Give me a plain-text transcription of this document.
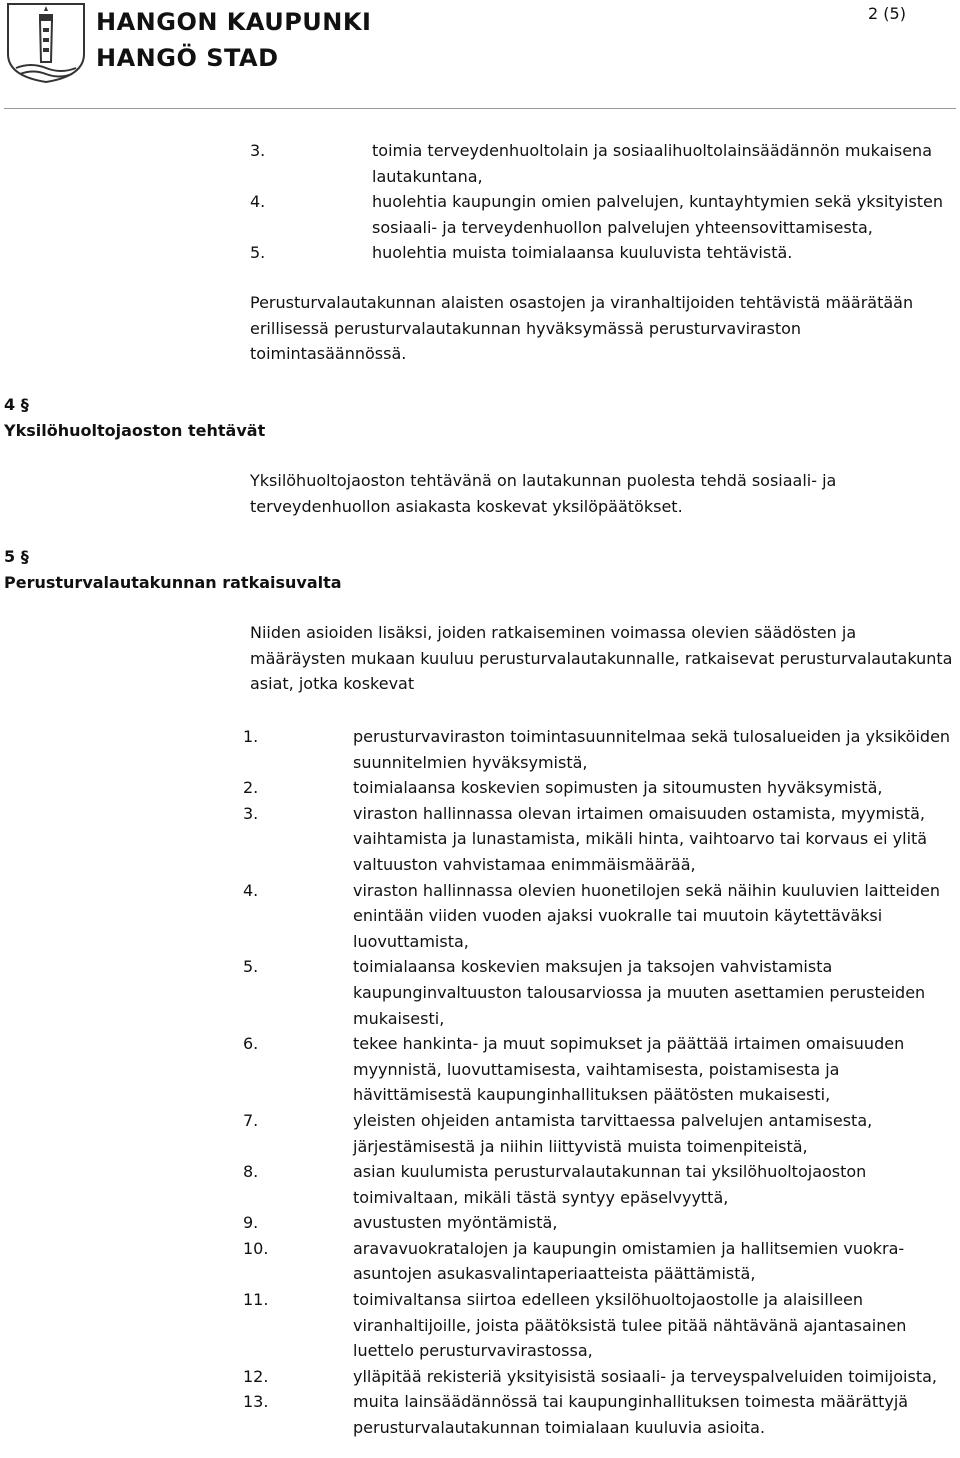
HANGON KAUPUNKI
HANGÖ STAD
2 (5)
3.	toimia terveydenhuoltolain ja sosiaalihuoltolainsäädännön mukaisena lautakuntana,
4.	huolehtia kaupungin omien palvelujen, kuntayhtymien sekä yksityisten sosiaali- ja terveydenhuollon palvelujen yhteensovittamisesta,
5.	huolehtia muista toimialaansa kuuluvista tehtävistä.
Perusturvalautakunnan alaisten osastojen ja viranhaltijoiden tehtävistä määrätään erillisessä perusturvalautakunnan hyväksymässä perusturvaviraston toimintasäännössä.
4 §
Yksilöhuoltojaoston tehtävät
Yksilöhuoltojaoston tehtävänä on lautakunnan puolesta tehdä sosiaali- ja terveydenhuollon asiakasta koskevat yksilöpäätökset.
5 §
Perusturvalautakunnan ratkaisuvalta
Niiden asioiden lisäksi, joiden ratkaiseminen voimassa olevien säädösten ja määräysten mukaan kuuluu perusturvalautakunnalle, ratkaisevat perusturvalautakunta asiat, jotka koskevat
1.	perusturvaviraston toimintasuunnitelmaa sekä tulosalueiden ja yksiköiden suunnitelmien hyväksymistä,
2.	toimialaansa koskevien sopimusten ja sitoumusten hyväksymistä,
3.	viraston hallinnassa olevan irtaimen omaisuuden ostamista, myymistä, vaihtamista ja lunastamista, mikäli hinta, vaihtoarvo tai korvaus ei ylitä valtuuston vahvistamaa enimmäismäärää,
4.	viraston hallinnassa olevien huonetilojen sekä näihin kuuluvien laitteiden enintään viiden vuoden ajaksi vuokralle tai muutoin käytettäväksi luovuttamista,
5.	toimialaansa koskevien maksujen ja taksojen vahvistamista kaupunginvaltuuston talousarviossa ja muuten asettamien perusteiden mukaisesti,
6.	tekee hankinta- ja muut sopimukset ja päättää irtaimen omaisuuden myynnistä, luovuttamisesta, vaihtamisesta, poistamisesta ja hävittämisestä kaupunginhallituksen päätösten mukaisesti,
7.	yleisten ohjeiden antamista tarvittaessa palvelujen antamisesta, järjestämisestä ja niihin liittyvistä muista toimenpiteistä,
8.	asian kuulumista perusturvalautakunnan tai yksilöhuoltojaoston toimivaltaan, mikäli tästä syntyy epäselvyyttä,
9.	avustusten myöntämistä,
10.	aravavuokratalojen ja kaupungin omistamien ja hallitsemien vuokra-asuntojen asukasvalintaperiaatteista päättämistä,
11.	toimivaltansa siirtoa edelleen yksilöhuoltojaostolle ja alaisilleen viranhaltijoille, joista päätöksistä tulee pitää nähtävänä ajantasainen luettelo perusturvavirastossa,
12.	ylläpitää rekisteriä yksityisistä sosiaali- ja terveyspalveluiden toimijoista,
13.	muita lainsäädännössä tai kaupunginhallituksen toimesta määrättyjä perusturvalautakunnan toimialaan kuuluvia asioita.
